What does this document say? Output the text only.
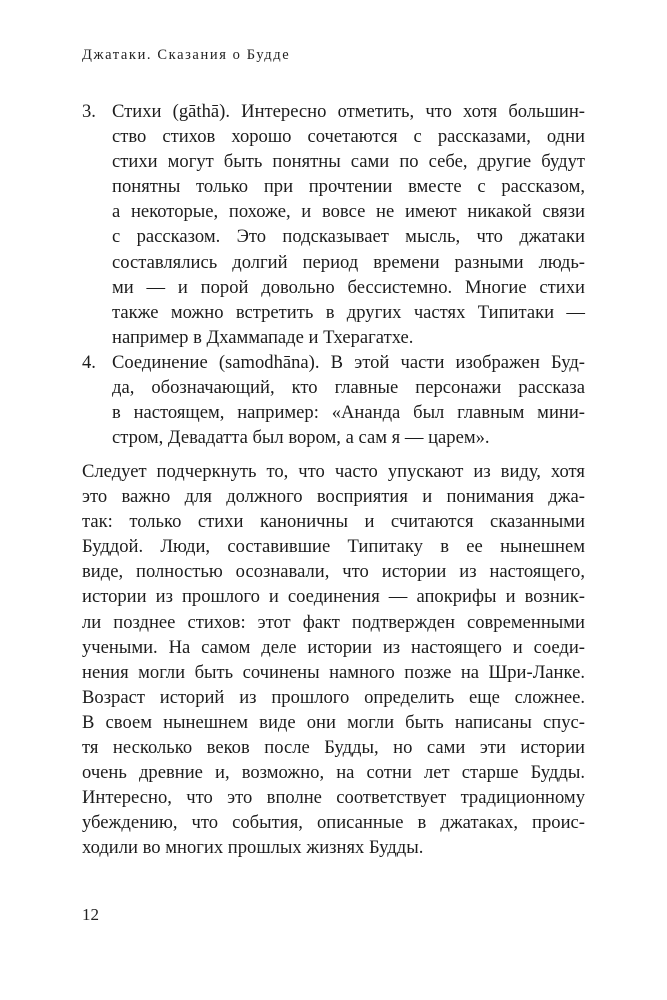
Джатаки. Сказания о Будде
3. Стихи (gāthā). Интересно отметить, что хотя большин-
ство стихов хорошо сочетаются с рассказами, одни
стихи могут быть понятны сами по себе, другие будут
понятны только при прочтении вместе с рассказом,
а некоторые, похоже, и вовсе не имеют никакой связи
с рассказом. Это подсказывает мысль, что джатаки
составлялись долгий период времени разными людь-
ми — и порой довольно бессистемно. Многие стихи
также можно встретить в других частях Типитаки —
например в Дхаммападе и Тхерагатхе.
4. Соединение (samodhāna). В этой части изображен Буд-
да, обозначающий, кто главные персонажи рассказа
в настоящем, например: «Ананда был главным мини-
стром, Девадатта был вором, а сам я — царем».
Следует подчеркнуть то, что часто упускают из виду, хотя
это важно для должного восприятия и понимания джа-
так: только стихи каноничны и считаются сказанными
Буддой. Люди, составившие Типитаку в ее нынешнем
виде, полностью осознавали, что истории из настоящего,
истории из прошлого и соединения — апокрифы и возник-
ли позднее стихов: этот факт подтвержден современными
учеными. На самом деле истории из настоящего и соеди-
нения могли быть сочинены намного позже на Шри-Ланке.
Возраст историй из прошлого определить еще сложнее.
В своем нынешнем виде они могли быть написаны спус-
тя несколько веков после Будды, но сами эти истории
очень древние и, возможно, на сотни лет старше Будды.
Интересно, что это вполне соответствует традиционному
убеждению, что события, описанные в джатаках, проис-
ходили во многих прошлых жизнях Будды.
12
